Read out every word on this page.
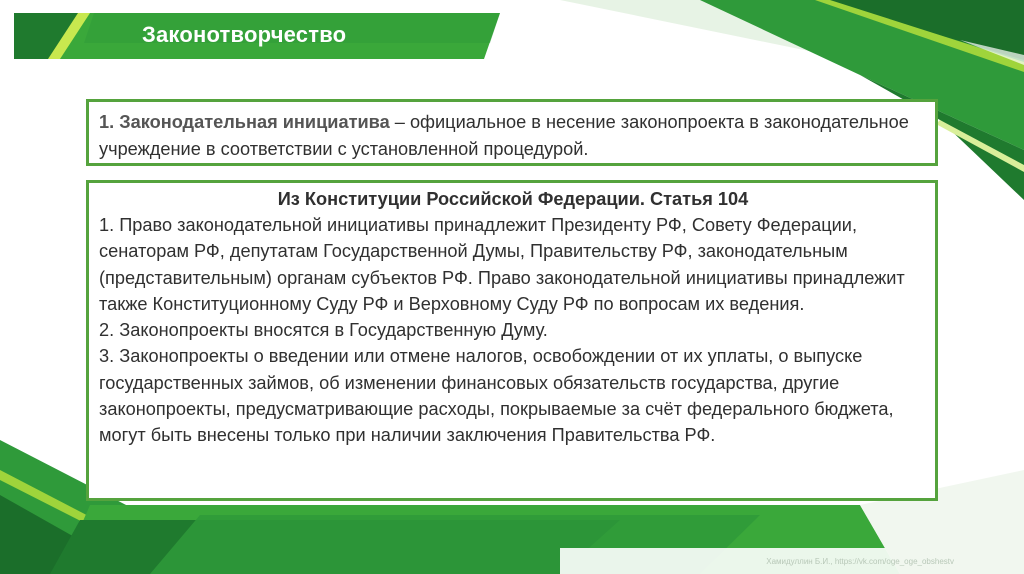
Законотворчество

1. Законодательная инициатива – официальное в несение законопроекта в законодательное учреждение в соответствии с установленной процедурой.

Из Конституции Российской Федерации. Статья 104

1. Право законодательной инициативы принадлежит Президенту РФ, Совету Федерации, сенаторам РФ, депутатам Государственной Думы, Правительству РФ, законодательным (представительным) органам субъектов РФ. Право законодательной инициативы принадлежит также Конституционному Суду РФ и Верховному Суду РФ по вопросам их ведения.

2. Законопроекты вносятся в Государственную Думу.

3. Законопроекты о введении или отмене налогов, освобождении от их уплаты, о выпуске государственных займов, об изменении финансовых обязательств государства, другие законопроекты, предусматривающие расходы, покрываемые за счёт федерального бюджета, могут быть внесены только при наличии заключения Правительства РФ.

Хамидуллин Б.И., https://vk.com/oge_oge_obshestv
